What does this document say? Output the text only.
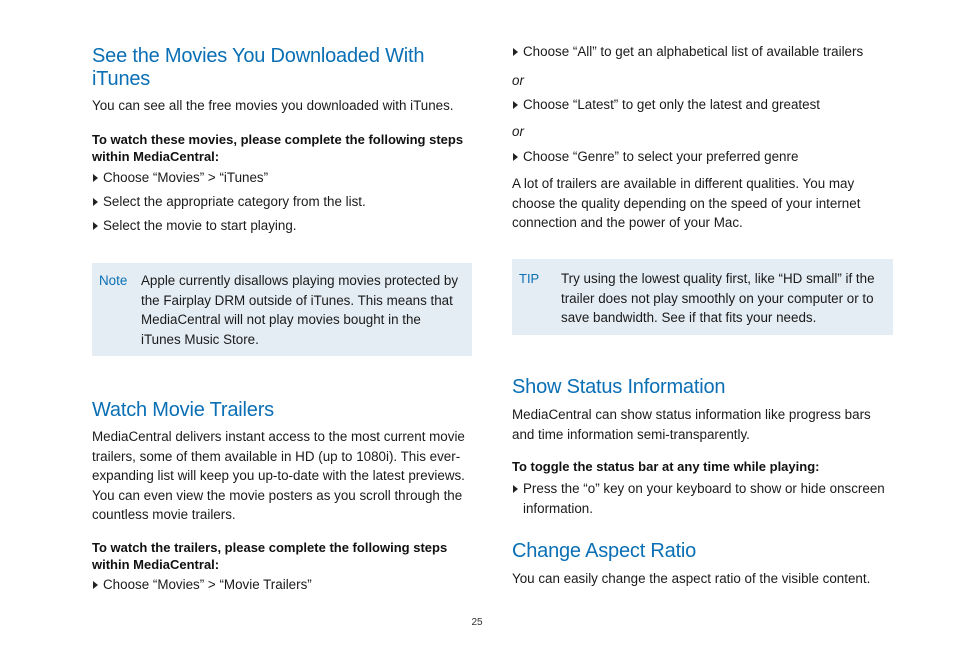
See the Movies You Downloaded With iTunes

You can see all the free movies you downloaded with iTunes.

To watch these movies, please complete the following steps within MediaCentral:

Choose “Movies” > “iTunes”
Select the appropriate category from the list.
Select the movie to start playing.
Note Apple currently disallows playing movies protected by the Fairplay DRM outside of iTunes. This means that MediaCentral will not play movies bought in the iTunes Music Store.
Watch Movie Trailers

MediaCentral delivers instant access to the most current movie trailers, some of them available in HD (up to 1080i). This ever-expanding list will keep you up-to-date with the latest previews. You can even view the movie posters as you scroll through the countless movie trailers.

To watch the trailers, please complete the following steps within MediaCentral:

Choose “Movies” > “Movie Trailers”
Choose “All” to get an alphabetical list of available trailers
or
Choose “Latest” to get only the latest and greatest
or
Choose “Genre” to select your preferred genre

A lot of trailers are available in different qualities. You may choose the quality depending on the speed of your internet connection and the power of your Mac.

TIP Try using the lowest quality first, like “HD small” if the trailer does not play smoothly on your computer or to save bandwidth. See if that fits your needs.
Show Status Information

MediaCentral can show status information like progress bars and time information semi-transparently.

To toggle the status bar at any time while playing:

Press the “o” key on your keyboard to show or hide onscreen information.
Change Aspect Ratio

You can easily change the aspect ratio of the visible content.

25
